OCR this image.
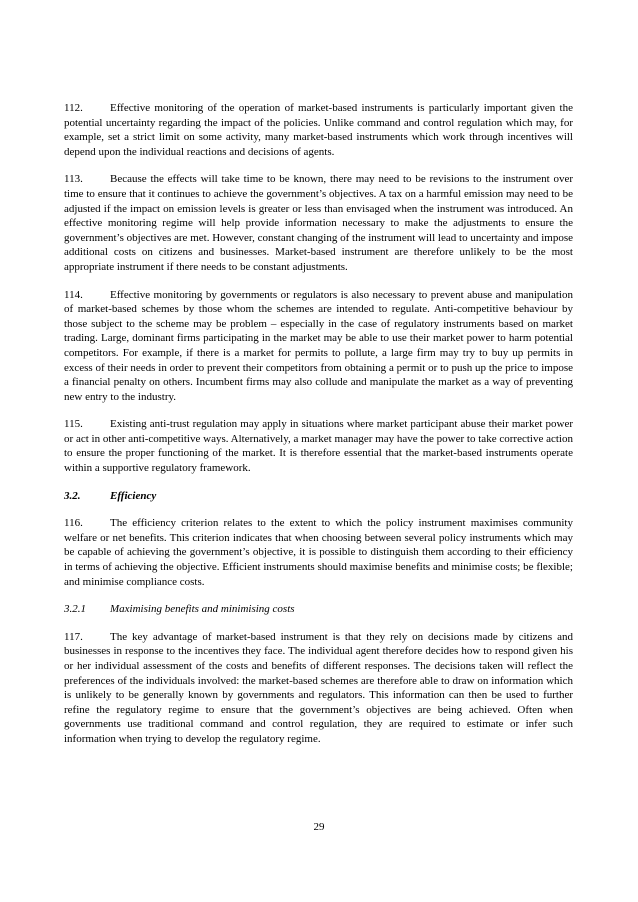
112. Effective monitoring of the operation of market-based instruments is particularly important given the potential uncertainty regarding the impact of the policies. Unlike command and control regulation which may, for example, set a strict limit on some activity, many market-based instruments which work through incentives will depend upon the individual reactions and decisions of agents.

113. Because the effects will take time to be known, there may need to be revisions to the instrument over time to ensure that it continues to achieve the government’s objectives. A tax on a harmful emission may need to be adjusted if the impact on emission levels is greater or less than envisaged when the instrument was introduced. An effective monitoring regime will help provide information necessary to make the adjustments to ensure the government’s objectives are met. However, constant changing of the instrument will lead to uncertainty and impose additional costs on citizens and businesses. Market-based instrument are therefore unlikely to be the most appropriate instrument if there needs to be constant adjustments.

114. Effective monitoring by governments or regulators is also necessary to prevent abuse and manipulation of market-based schemes by those whom the schemes are intended to regulate. Anti-competitive behaviour by those subject to the scheme may be problem – especially in the case of regulatory instruments based on market trading. Large, dominant firms participating in the market may be able to use their market power to harm potential competitors. For example, if there is a market for permits to pollute, a large firm may try to buy up permits in excess of their needs in order to prevent their competitors from obtaining a permit or to push up the price to impose a financial penalty on others. Incumbent firms may also collude and manipulate the market as a way of preventing new entry to the industry.

115. Existing anti-trust regulation may apply in situations where market participant abuse their market power or act in other anti-competitive ways. Alternatively, a market manager may have the power to take corrective action to ensure the proper functioning of the market. It is therefore essential that the market-based instruments operate within a supportive regulatory framework.

3.2.	Efficiency

116. The efficiency criterion relates to the extent to which the policy instrument maximises community welfare or net benefits. This criterion indicates that when choosing between several policy instruments which may be capable of achieving the government’s objective, it is possible to distinguish them according to their efficiency in terms of achieving the objective. Efficient instruments should maximise benefits and minimise costs; be flexible; and minimise compliance costs.

3.2.1 Maximising benefits and minimising costs

117. The key advantage of market-based instrument is that they rely on decisions made by citizens and businesses in response to the incentives they face. The individual agent therefore decides how to respond given his or her individual assessment of the costs and benefits of different responses. The decisions taken will reflect the preferences of the individuals involved: the market-based schemes are therefore able to draw on information which is unlikely to be generally known by governments and regulators. This information can then be used to further refine the regulatory regime to ensure that the government’s objectives are being achieved. Often when governments use traditional command and control regulation, they are required to estimate or infer such information when trying to develop the regulatory regime.

29
